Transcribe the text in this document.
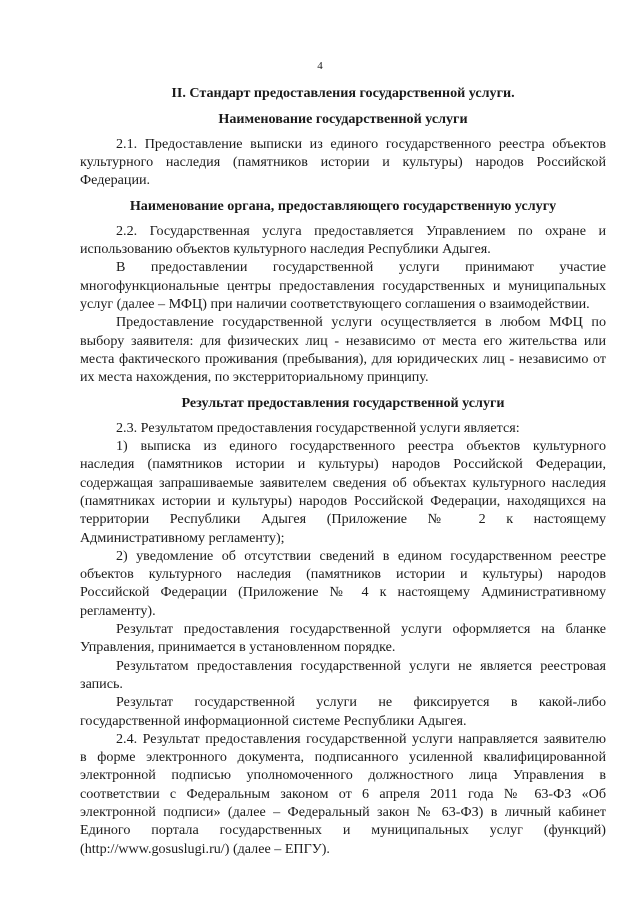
4
II. Стандарт предоставления государственной услуги.
Наименование государственной услуги

2.1. Предоставление выписки из единого государственного реестра объектов

культурного наследия (памятников истории и культуры) народов Российской

Федерации.

Наименование органа, предоставляющего государственную услугу

2.2. Государственная услуга предоставляется Управлением по охране и

использованию объектов культурного наследия Республики Адыгея.

В предоставлении государственной услуги принимают участие

многофункциональные центры предоставления государственных и муниципальных

услуг (далее – МФЦ) при наличии соответствующего соглашения о взаимодействии.

Предоставление государственной услуги осуществляется в любом МФЦ по

выбору заявителя: для физических лиц - независимо от места его жительства или

места фактического проживания (пребывания), для юридических лиц - независимо от

их места нахождения, по экстерриториальному принципу.

Результат предоставления государственной услуги

2.3. Результатом предоставления государственной услуги является:

1) выписка из единого государственного реестра объектов культурного

наследия (памятников истории и культуры) народов Российской Федерации,

содержащая запрашиваемые заявителем сведения об объектах культурного наследия

(памятниках истории и культуры) народов Российской Федерации, находящихся на

территории Республики Адыгея (Приложение № 2 к настоящему

Административному регламенту);

2) уведомление об отсутствии сведений в едином государственном реестре

объектов культурного наследия (памятников истории и культуры) народов

Российской Федерации (Приложение № 4 к настоящему Административному

регламенту).

Результат предоставления государственной услуги оформляется на бланке

Управления, принимается в установленном порядке.

Результатом предоставления государственной услуги не является реестровая

запись.

Результат государственной услуги не фиксируется в какой-либо

государственной информационной системе Республики Адыгея.

2.4. Результат предоставления государственной услуги направляется заявителю

в форме электронного документа, подписанного усиленной квалифицированной

электронной подписью уполномоченного должностного лица Управления в

соответствии с Федеральным законом от 6 апреля 2011 года № 63-ФЗ «Об

электронной подписи» (далее – Федеральный закон № 63-ФЗ) в личный кабинет

Единого портала государственных и муниципальных услуг (функций)

(http://www.gosuslugi.ru/) (далее – ЕПГУ).
